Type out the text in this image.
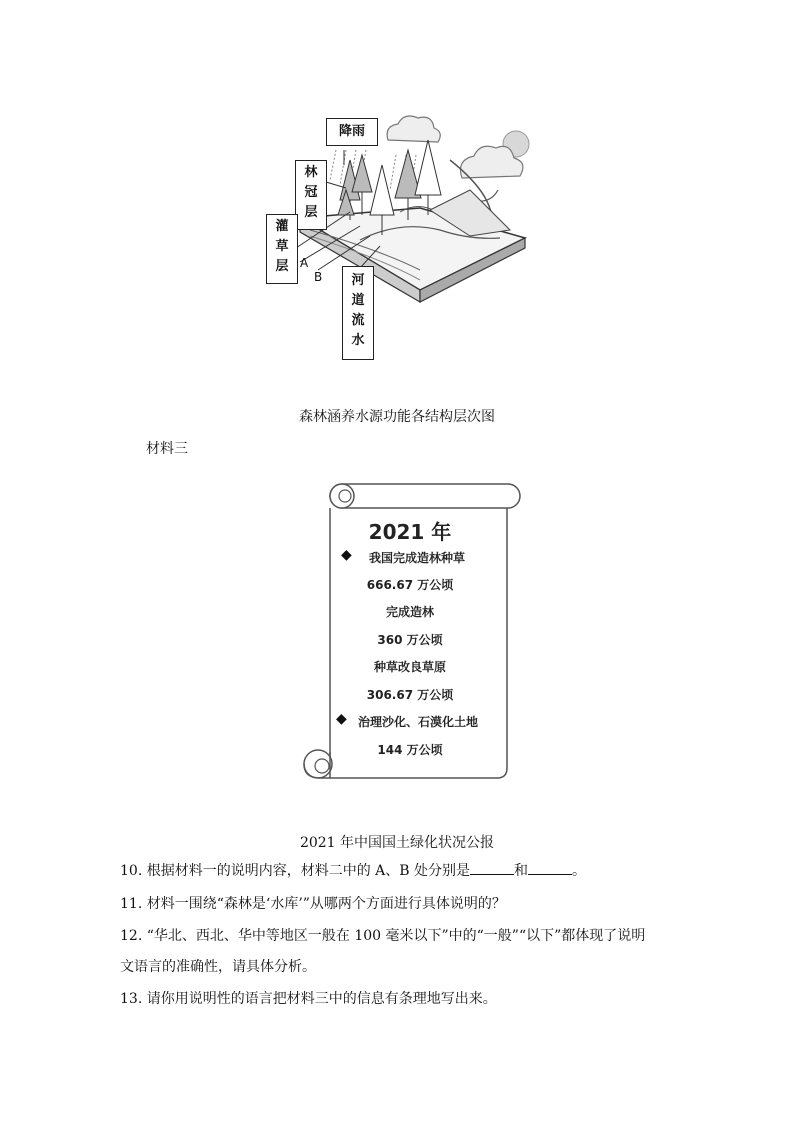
降雨
林
冠
层
灌
草
层
河
道
流
水
A
B
森林涵养水源功能各结构层次图
材料三
2021 年
◆	我国完成造林种草
666.67 万公顷
完成造林
360 万公顷
种草改良草原
306.67 万公顷
◆ 治理沙化、石漠化土地
144 万公顷
2021 年中国国土绿化状况公报
10. 根据材料一的说明内容，材料二中的 A、B 处分别是	和	。
11. 材料一围绕“森林是‘水库’”从哪两个方面进行具体说明的？
12. “华北、西北、华中等地区一般在 100 毫米以下”中的“一般”“以下”都体现了说明
文语言的准确性，请具体分析。
13. 请你用说明性的语言把材料三中的信息有条理地写出来。
